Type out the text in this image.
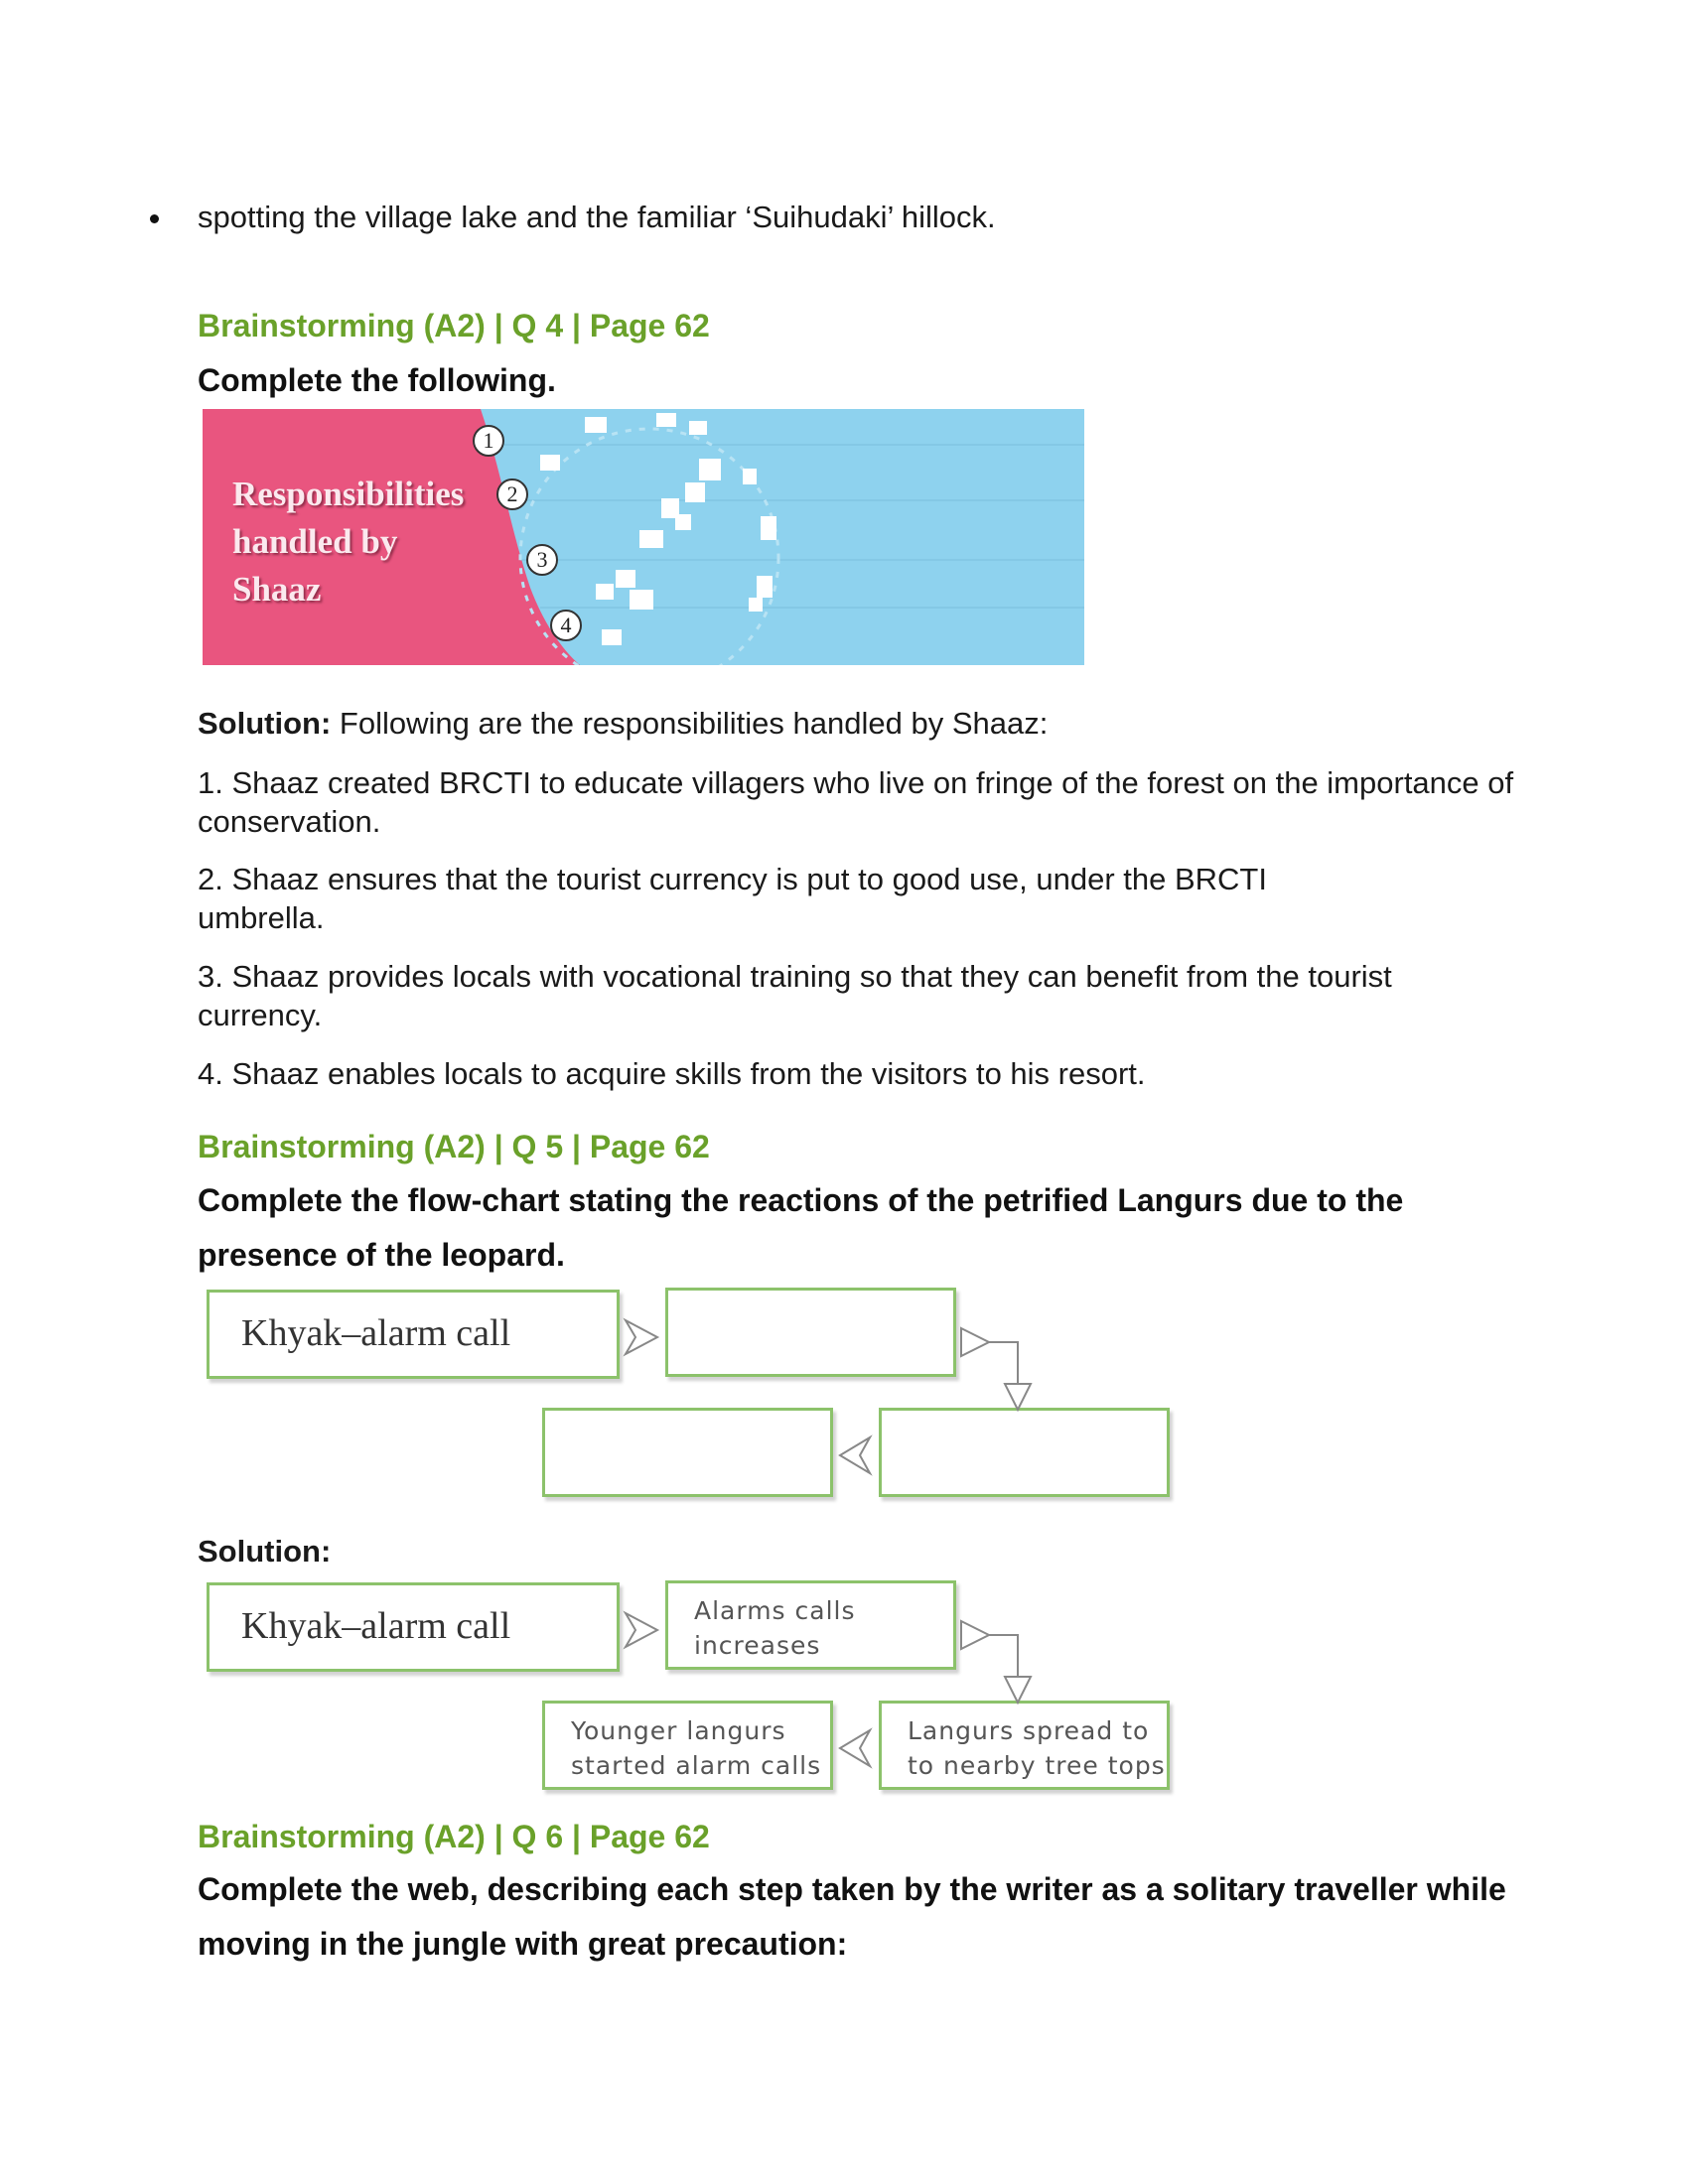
spotting the village lake and the familiar ‘Suihudaki’ hillock.
Brainstorming (A2) | Q 4 | Page 62
Complete the following.
Responsibilities
handled by
Shaaz
1
2
3
4
Solution: Following are the responsibilities handled by Shaaz:
1. Shaaz created BRCTI to educate villagers who live on fringe of the forest on the importance of conservation.
2. Shaaz ensures that the tourist currency is put to good use, under the BRCTI umbrella.
3. Shaaz provides locals with vocational training so that they can benefit from the tourist currency.
4. Shaaz enables locals to acquire skills from the visitors to his resort.
Brainstorming (A2) | Q 5 | Page 62
Complete the flow-chart stating the reactions of the petrified Langurs due to the presence of the leopard.
Khyak–alarm call
Solution:
Khyak–alarm call	Alarms calls increases
Langurs spread to to nearby tree tops
Younger langurs started alarm calls
Brainstorming (A2) | Q 6 | Page 62
Complete the web, describing each step taken by the writer as a solitary traveller while moving in the jungle with great precaution:
